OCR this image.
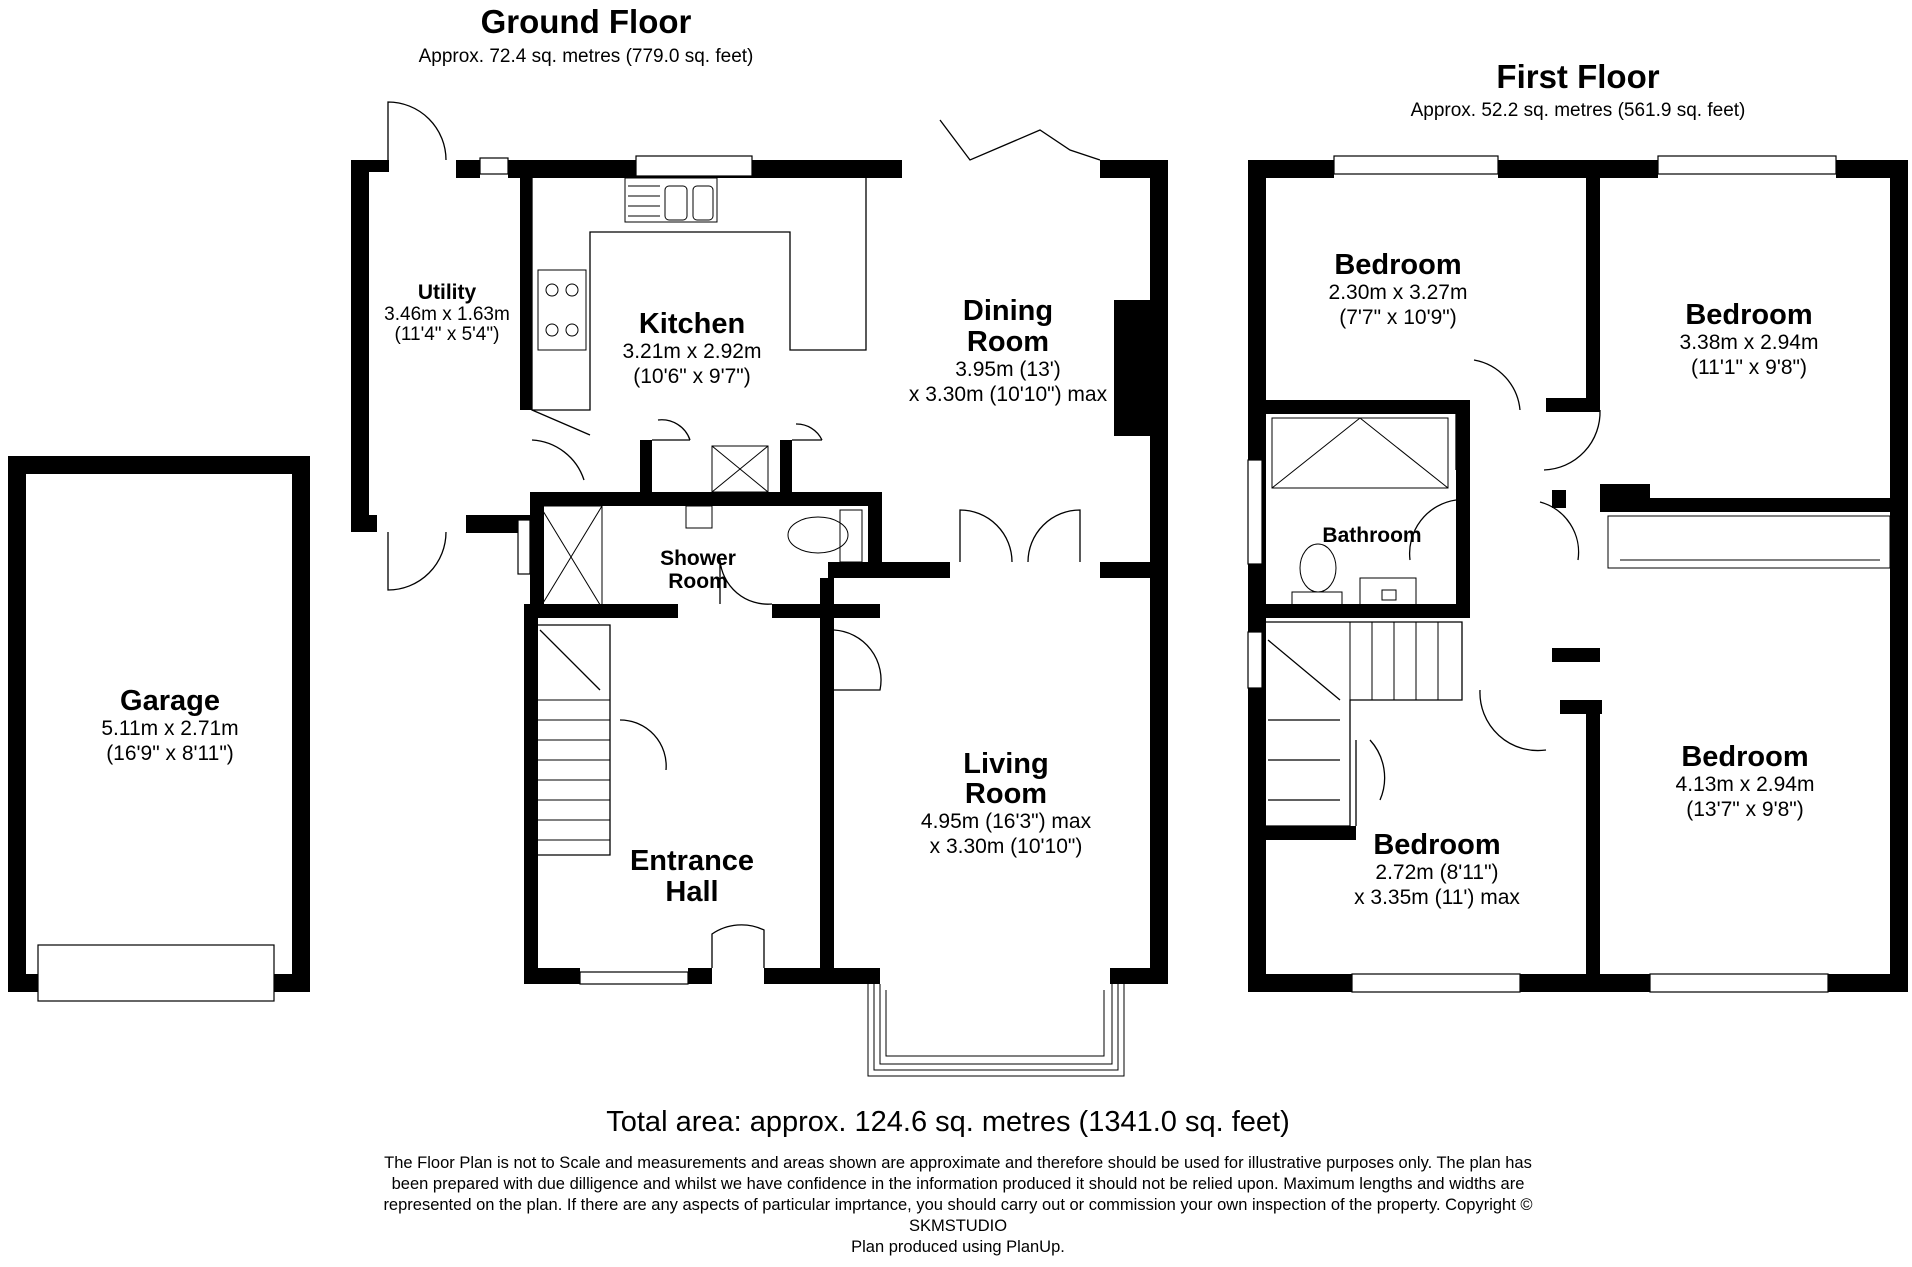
Ground Floor
Approx. 72.4 sq. metres (779.0 sq. feet)
First Floor
Approx. 52.2 sq. metres (561.9 sq. feet)
Garage
5.11m x 2.71m
(16'9" x 8'11")
Utility
3.46m x 1.63m
(11'4" x 5'4")	Kitchen
3.21m x 2.92m
(10'6" x 9'7")
Dining
Room
3.95m (13')
x 3.30m (10'10") max
Shower
Room
Living
Room
4.95m (16'3") max
x 3.30m (10'10")
Entrance
Hall
Bedroom
2.30m x 3.27m
(7'7" x 10'9")	Bedroom
3.38m x 2.94m
(11'1" x 9'8")
Bathroom
Bedroom
4.13m x 2.94m
(13'7" x 9'8")
Bedroom
2.72m (8'11")
x 3.35m (11') max
Total area: approx. 124.6 sq. metres (1341.0 sq. feet)
The Floor Plan is not to Scale and measurements and areas shown are approximate and therefore should be used for illustrative purposes only. The plan has
been prepared with due dilligence and whilst we have confidence in the information produced it should not be relied upon. Maximum lengths and widths are
represented on the plan. If there are any aspects of particular imprtance, you should carry out or commission your own inspection of the property. Copyright ©
SKMSTUDIO
Plan produced using PlanUp.
